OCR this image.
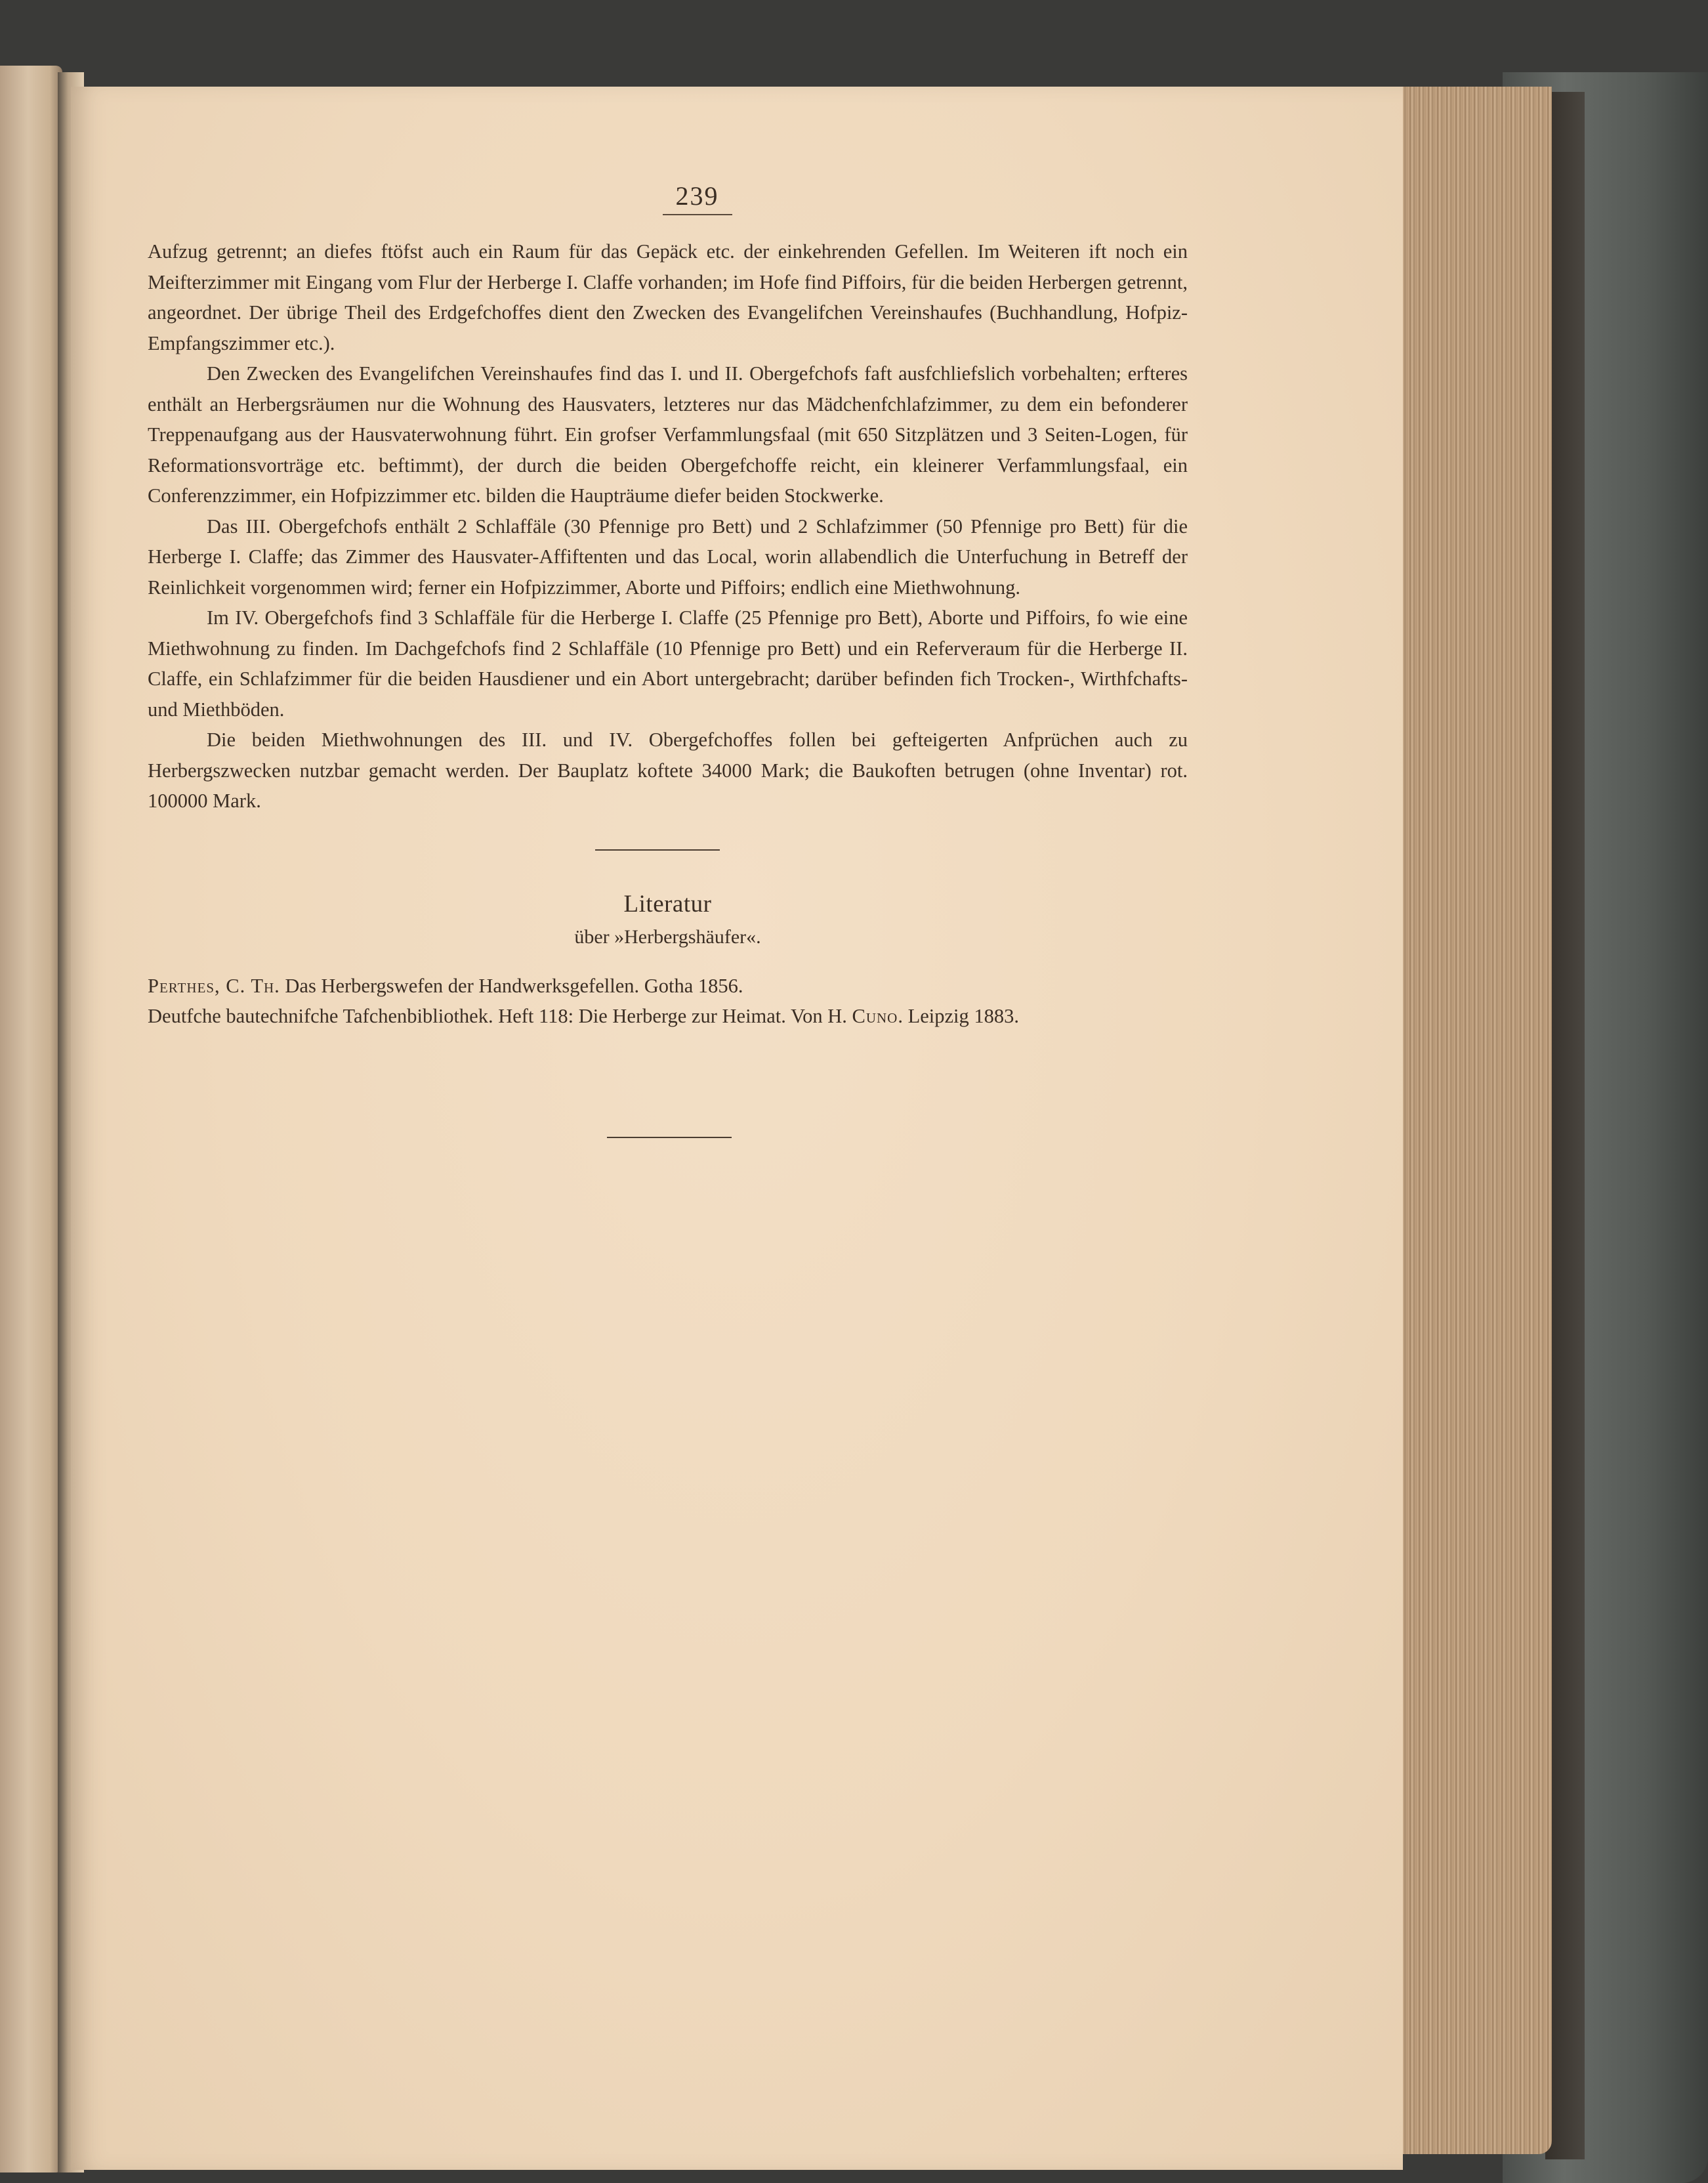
239

Aufzug getrennt; an diefes ftöfst auch ein Raum für das Gepäck etc. der einkehrenden Gefellen. Im Weiteren ift noch ein Meifterzimmer mit Eingang vom Flur der Herberge I. Claffe vorhanden; im Hofe find Piffoirs, für die beiden Herbergen getrennt, angeordnet. Der übrige Theil des Erdgefchoffes dient den Zwecken des Evangelifchen Vereinshaufes (Buchhandlung, Hofpiz-Empfangszimmer etc.).

Den Zwecken des Evangelifchen Vereinshaufes find das I. und II. Obergefchofs faft ausfchliefslich vorbehalten; erfteres enthält an Herbergsräumen nur die Wohnung des Hausvaters, letzteres nur das Mädchenfchlafzimmer, zu dem ein befonderer Treppenaufgang aus der Hausvaterwohnung führt. Ein grofser Verfammlungsfaal (mit 650 Sitzplätzen und 3 Seiten-Logen, für Reformationsvorträge etc. beftimmt), der durch die beiden Obergefchoffe reicht, ein kleinerer Verfammlungsfaal, ein Conferenzzimmer, ein Hofpizzimmer etc. bilden die Haupträume diefer beiden Stockwerke.

Das III. Obergefchofs enthält 2 Schlaffäle (30 Pfennige pro Bett) und 2 Schlafzimmer (50 Pfennige pro Bett) für die Herberge I. Claffe; das Zimmer des Hausvater-Affiftenten und das Local, worin allabendlich die Unterfuchung in Betreff der Reinlichkeit vorgenommen wird; ferner ein Hofpizzimmer, Aborte und Piffoirs; endlich eine Miethwohnung.

Im IV. Obergefchofs find 3 Schlaffäle für die Herberge I. Claffe (25 Pfennige pro Bett), Aborte und Piffoirs, fo wie eine Miethwohnung zu finden. Im Dachgefchofs find 2 Schlaffäle (10 Pfennige pro Bett) und ein Referveraum für die Herberge II. Claffe, ein Schlafzimmer für die beiden Hausdiener und ein Abort untergebracht; darüber befinden fich Trocken-, Wirthfchafts- und Miethböden.

Die beiden Miethwohnungen des III. und IV. Obergefchoffes follen bei gefteigerten Anfprüchen auch zu Herbergszwecken nutzbar gemacht werden. Der Bauplatz koftete 34000 Mark; die Baukoften betrugen (ohne Inventar) rot. 100000 Mark.

Literatur
über »Herbergshäufer«.

Perthes, C. Th. Das Herbergswefen der Handwerksgefellen. Gotha 1856.

Deutfche bautechnifche Tafchenbibliothek. Heft 118: Die Herberge zur Heimat. Von H. Cuno. Leipzig 1883.
